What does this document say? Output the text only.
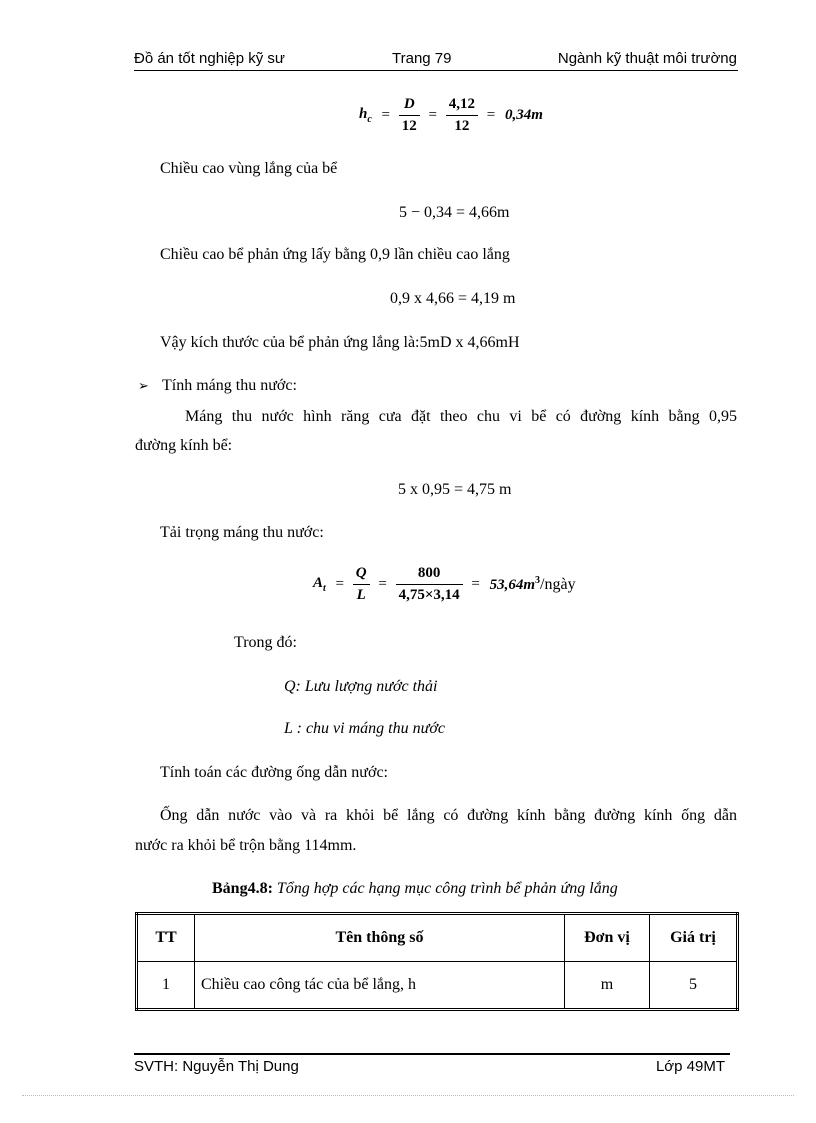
Đồ án tốt nghiệp kỹ sư	Trang 79	Ngành kỹ thuật môi trường
$h_c = \frac{D}{12} = \frac{4,12}{12} = 0,34m$
Chiều cao vùng lắng của bể
5 − 0,34 = 4,66m
Chiều cao bể phản ứng lấy bằng 0,9 lần chiều cao lắng
0,9 x 4,66 = 4,19 m
Vậy kích thước của bể phản ứng lắng là:5mD x 4,66mH
➢ Tính máng thu nước:
Máng thu nước hình răng cưa đặt theo chu vi bể có đường kính bằng 0,95
đường kính bể:
5 x 0,95 = 4,75 m
Tải trọng máng thu nước:
$A_t = \frac{Q}{L} = \frac{800}{4,75\times 3,14}$ = $53,64m^3$/ngày
Trong đó:
Q: Lưu lượng nước thải
L : chu vi máng thu nước
Tính toán các đường ống dẫn nước:
Ống dẫn nước vào và ra khỏi bể lắng có đường kính bằng đường kính ống dẫn
nước ra khỏi bể trộn bằng 114mm.
Bảng4.8: Tổng hợp các hạng mục công trình bể phản ứng lắng
TT	Tên thông số	Đơn vị	Giá trị
1	Chiều cao công tác của bể lắng, h	m	5
SVTH: Nguyễn Thị Dung	Lớp 49MT
